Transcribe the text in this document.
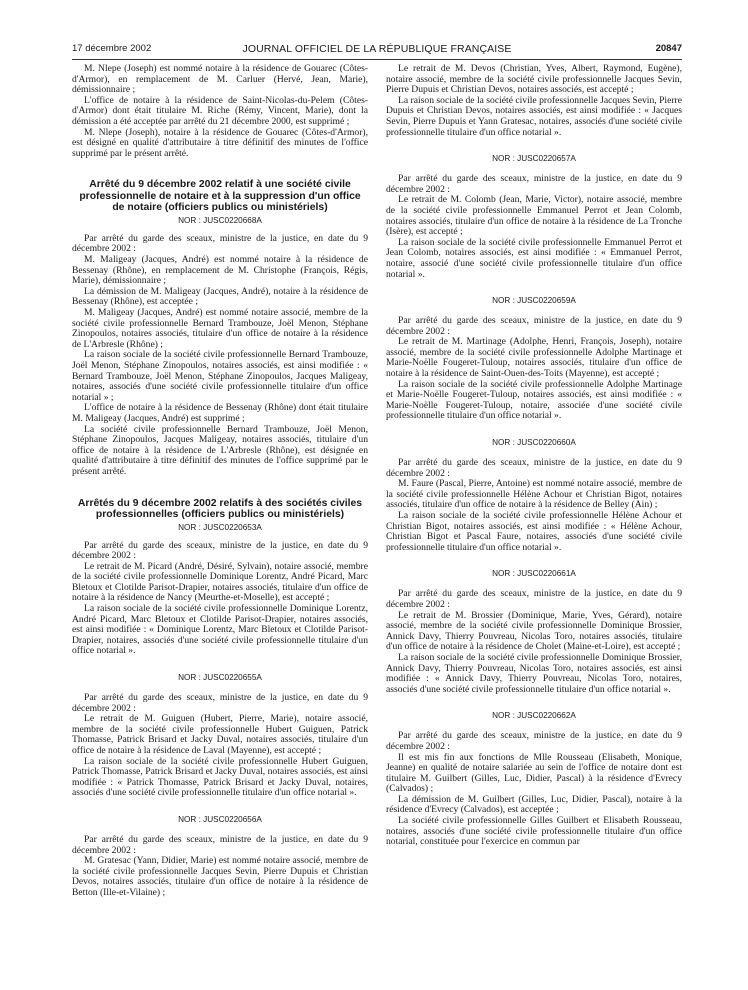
17 décembre 2002	JOURNAL OFFICIEL DE LA RÉPUBLIQUE FRANÇAISE	20847

M. Nlepe (Joseph) est nommé notaire à la résidence de Gouarec (Côtes-d'Armor), en remplacement de M. Carluer (Hervé, Jean, Marie), démissionnaire ;

L'office de notaire à la résidence de Saint-Nicolas-du-Pelem (Côtes-d'Armor) dont était titulaire M. Riche (Rémy, Vincent, Marie), dont la démission a été acceptée par arrêté du 21 décembre 2000, est supprimé ;

M. Nlepe (Joseph), notaire à la résidence de Gouarec (Côtes-d'Armor), est désigné en qualité d'attributaire à titre définitif des minutes de l'office supprimé par le présent arrêté.

Arrêté du 9 décembre 2002 relatif à une société civile professionnelle de notaire et à la suppression d'un office de notaire (officiers publics ou ministériels)
NOR : JUSC0220668A

Par arrêté du garde des sceaux, ministre de la justice, en date du 9 décembre 2002 :

M. Maligeay (Jacques, André) est nommé notaire à la résidence de Bessenay (Rhône), en remplacement de M. Christophe (François, Régis, Marie), démissionnaire ;

La démission de M. Maligeay (Jacques, André), notaire à la résidence de Bessenay (Rhône), est acceptée ;

M. Maligeay (Jacques, André) est nommé notaire associé, membre de la société civile professionnelle Bernard Trambouze, Joël Menon, Stéphane Zinopoulos, notaires associés, titulaire d'un office de notaire à la résidence de L'Arbresle (Rhône) ;

La raison sociale de la société civile professionnelle Bernard Trambouze, Joël Menon, Stéphane Zinopoulos, notaires associés, est ainsi modifiée : « Bernard Trambouze, Joël Menon, Stéphane Zinopoulos, Jacques Maligeay, notaires, associés d'une société civile professionnelle titulaire d'un office notarial » ;

L'office de notaire à la résidence de Bessenay (Rhône) dont était titulaire M. Maligeay (Jacques, André) est supprimé ;

La société civile professionnelle Bernard Trambouze, Joël Menon, Stéphane Zinopoulos, Jacques Maligeay, notaires associés, titulaire d'un office de notaire à la résidence de L'Arbresle (Rhône), est désignée en qualité d'attributaire à titre définitif des minutes de l'office supprimé par le présent arrêté.

Arrêtés du 9 décembre 2002 relatifs à des sociétés civiles professionnelles (officiers publics ou ministériels)
NOR : JUSC0220653A

Par arrêté du garde des sceaux, ministre de la justice, en date du 9 décembre 2002 :

Le retrait de M. Picard (André, Désiré, Sylvain), notaire associé, membre de la société civile professionnelle Dominique Lorentz, André Picard, Marc Bletoux et Clotilde Parisot-Drapier, notaires associés, titulaire d'un office de notaire à la résidence de Nancy (Meurthe-et-Moselle), est accepté ;

La raison sociale de la société civile professionnelle Dominique Lorentz, André Picard, Marc Bletoux et Clotilde Parisot-Drapier, notaires associés, est ainsi modifiée : « Dominique Lorentz, Marc Bletoux et Clotilde Parisot-Drapier, notaires, associés d'une société civile professionnelle titulaire d'un office notarial ».

NOR : JUSC0220655A

Par arrêté du garde des sceaux, ministre de la justice, en date du 9 décembre 2002 :

Le retrait de M. Guiguen (Hubert, Pierre, Marie), notaire associé, membre de la société civile professionnelle Hubert Guiguen, Patrick Thomasse, Patrick Brisard et Jacky Duval, notaires associés, titulaire d'un office de notaire à la résidence de Laval (Mayenne), est accepté ;

La raison sociale de la société civile professionnelle Hubert Guiguen, Patrick Thomasse, Patrick Brisard et Jacky Duval, notaires associés, est ainsi modifiée : « Patrick Thomasse, Patrick Brisard et Jacky Duval, notaires, associés d'une société civile professionnelle titulaire d'un office notarial ».

NOR : JUSC0220656A

Par arrêté du garde des sceaux, ministre de la justice, en date du 9 décembre 2002 :

M. Gratesac (Yann, Didier, Marie) est nommé notaire associé, membre de la société civile professionnelle Jacques Sevin, Pierre Dupuis et Christian Devos, notaires associés, titulaire d'un office de notaire à la résidence de Betton (Ille-et-Vilaine) ;

Le retrait de M. Devos (Christian, Yves, Albert, Raymond, Eugène), notaire associé, membre de la société civile professionnelle Jacques Sevin, Pierre Dupuis et Christian Devos, notaires associés, est accepté ;

La raison sociale de la société civile professionnelle Jacques Sevin, Pierre Dupuis et Christian Devos, notaires associés, est ainsi modifiée : « Jacques Sevin, Pierre Dupuis et Yann Gratesac, notaires, associés d'une société civile professionnelle titulaire d'un office notarial ».

NOR : JUSC0220657A

Par arrêté du garde des sceaux, ministre de la justice, en date du 9 décembre 2002 :

Le retrait de M. Colomb (Jean, Marie, Victor), notaire associé, membre de la société civile professionnelle Emmanuel Perrot et Jean Colomb, notaires associés, titulaire d'un office de notaire à la résidence de La Tronche (Isère), est accepté ;

La raison sociale de la société civile professionnelle Emmanuel Perrot et Jean Colomb, notaires associés, est ainsi modifiée : « Emmanuel Perrot, notaire, associé d'une société civile professionnelle titulaire d'un office notarial ».

NOR : JUSC0220659A

Par arrêté du garde des sceaux, ministre de la justice, en date du 9 décembre 2002 :

Le retrait de M. Martinage (Adolphe, Henri, François, Joseph), notaire associé, membre de la société civile professionnelle Adolphe Martinage et Marie-Noëlle Fougeret-Tuloup, notaires associés, titulaire d'un office de notaire à la résidence de Saint-Ouen-des-Toits (Mayenne), est accepté ;

La raison sociale de la société civile professionnelle Adolphe Martinage et Marie-Noëlle Fougeret-Tuloup, notaires associés, est ainsi modifiée : « Marie-Noëlle Fougeret-Tuloup, notaire, associée d'une société civile professionnelle titulaire d'un office notarial ».

NOR : JUSC0220660A

Par arrêté du garde des sceaux, ministre de la justice, en date du 9 décembre 2002 :

M. Faure (Pascal, Pierre, Antoine) est nommé notaire associé, membre de la société civile professionnelle Hélène Achour et Christian Bigot, notaires associés, titulaire d'un office de notaire à la résidence de Belley (Ain) ;

La raison sociale de la société civile professionnelle Hélène Achour et Christian Bigot, notaires associés, est ainsi modifiée : « Hélène Achour, Christian Bigot et Pascal Faure, notaires, associés d'une société civile professionnelle titulaire d'un office notarial ».

NOR : JUSC0220661A

Par arrêté du garde des sceaux, ministre de la justice, en date du 9 décembre 2002 :

Le retrait de M. Brossier (Dominique, Marie, Yves, Gérard), notaire associé, membre de la société civile professionnelle Dominique Brossier, Annick Davy, Thierry Pouvreau, Nicolas Toro, notaires associés, titulaire d'un office de notaire à la résidence de Cholet (Maine-et-Loire), est accepté ;

La raison sociale de la société civile professionnelle Dominique Brossier, Annick Davy, Thierry Pouvreau, Nicolas Toro, notaires associés, est ainsi modifiée : « Annick Davy, Thierry Pouvreau, Nicolas Toro, notaires, associés d'une société civile professionnelle titulaire d'un office notarial ».

NOR : JUSC0220662A

Par arrêté du garde des sceaux, ministre de la justice, en date du 9 décembre 2002 :

Il est mis fin aux fonctions de Mlle Rousseau (Elisabeth, Monique, Jeanne) en qualité de notaire salariée au sein de l'office de notaire dont est titulaire M. Guilbert (Gilles, Luc, Didier, Pascal) à la résidence d'Evrecy (Calvados) ;

La démission de M. Guilbert (Gilles, Luc, Didier, Pascal), notaire à la résidence d'Evrecy (Calvados), est acceptée ;

La société civile professionnelle Gilles Guilbert et Elisabeth Rousseau, notaires, associés d'une société civile professionnelle titulaire d'un office notarial, constituée pour l'exercice en commun par
